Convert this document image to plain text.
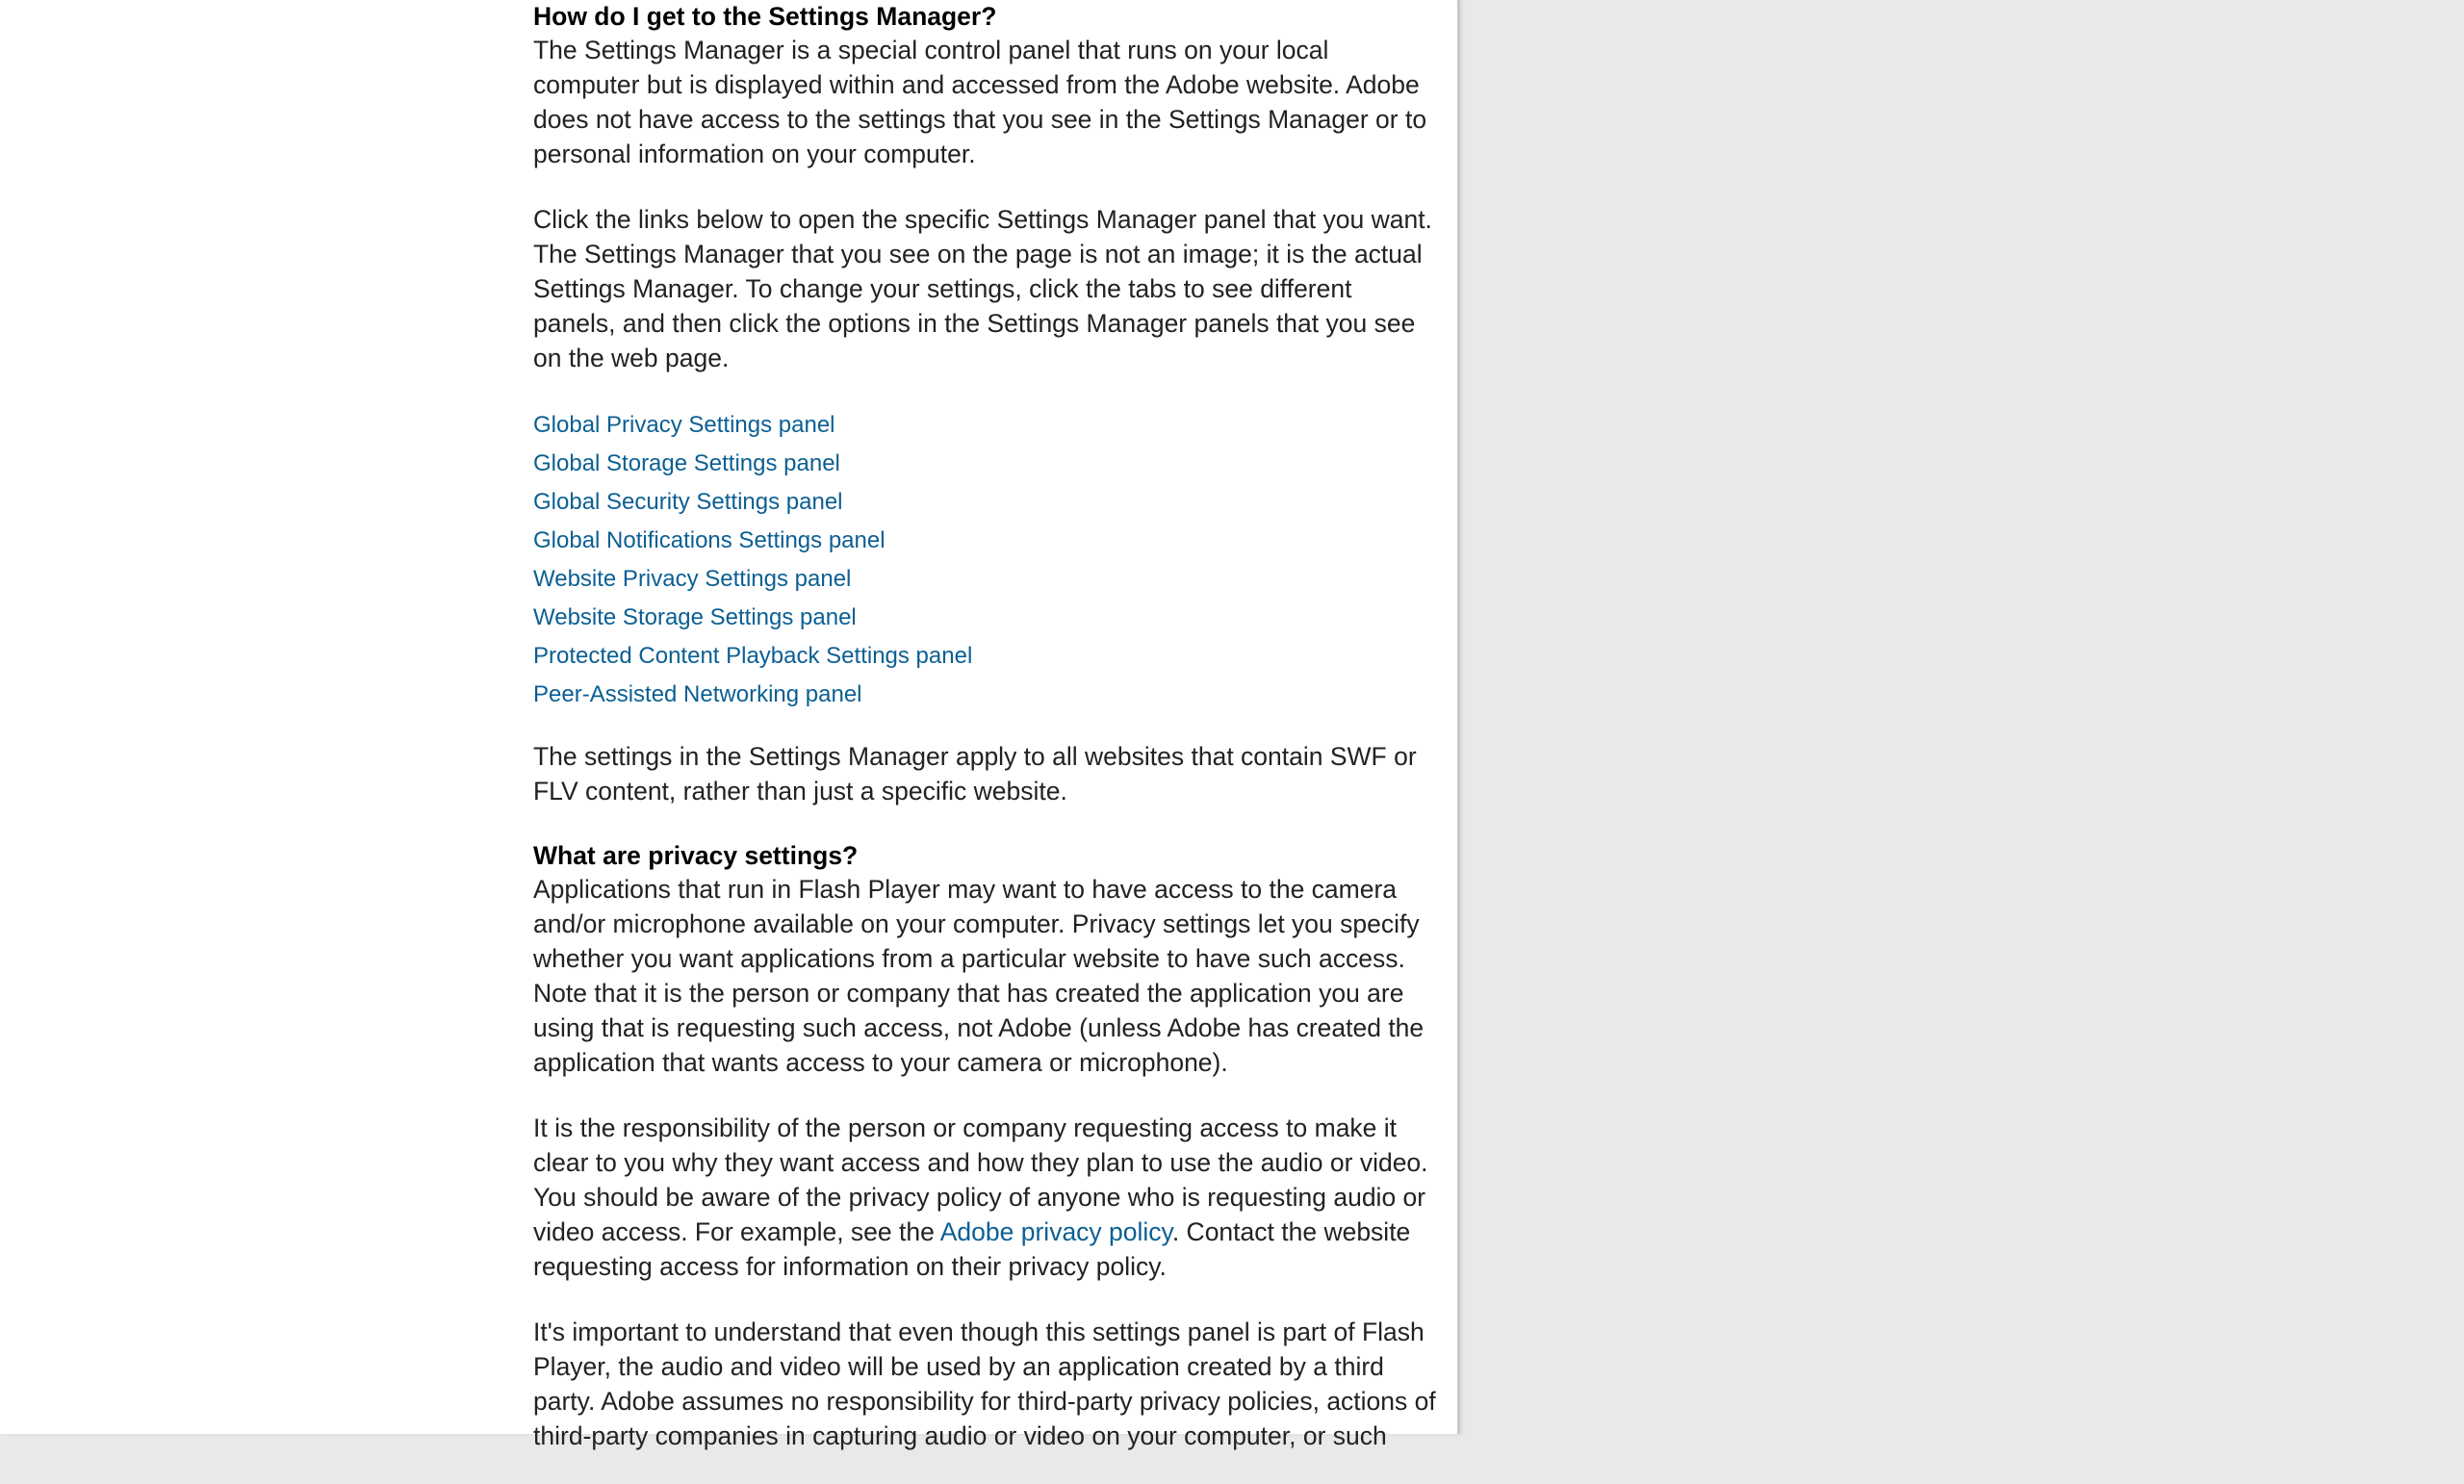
How do I get to the Settings Manager?

The Settings Manager is a special control panel that runs on your local computer but is displayed within and accessed from the Adobe website. Adobe does not have access to the settings that you see in the Settings Manager or to personal information on your computer.

Click the links below to open the specific Settings Manager panel that you want. The Settings Manager that you see on the page is not an image; it is the actual Settings Manager. To change your settings, click the tabs to see different panels, and then click the options in the Settings Manager panels that you see on the web page.

Global Privacy Settings panel
Global Storage Settings panel
Global Security Settings panel
Global Notifications Settings panel
Website Privacy Settings panel
Website Storage Settings panel
Protected Content Playback Settings panel
Peer-Assisted Networking panel

The settings in the Settings Manager apply to all websites that contain SWF or FLV content, rather than just a specific website.

What are privacy settings?

Applications that run in Flash Player may want to have access to the camera and/or microphone available on your computer. Privacy settings let you specify whether you want applications from a particular website to have such access. Note that it is the person or company that has created the application you are using that is requesting such access, not Adobe (unless Adobe has created the application that wants access to your camera or microphone).

It is the responsibility of the person or company requesting access to make it clear to you why they want access and how they plan to use the audio or video. You should be aware of the privacy policy of anyone who is requesting audio or video access. For example, see the Adobe privacy policy. Contact the website requesting access for information on their privacy policy.

It's important to understand that even though this settings panel is part of Flash Player, the audio and video will be used by an application created by a third party. Adobe assumes no responsibility for third-party privacy policies, actions of third-party companies in capturing audio or video on your computer, or such
